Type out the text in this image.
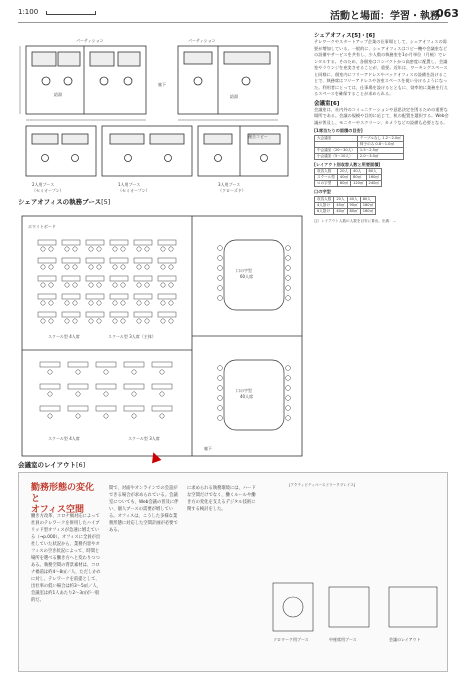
1:100	活動と場面：学習・執務
063
パーティション	パーティション
給湯	給湯
廊下
複合コピー
2人用ブース
（セミオープン）
1人用ブース
（セミオープン）
3人用ブース
（クローズド）
シェアオフィスの執務ブース[5]
口の字型
60人席
口の字型
40人席
スクール型 4人席	スクール型 3人席（主体）
スクール型 4人席	スクール型 3人席
ホワイトボード
廊下
会議室のレイアウト[6]
シェアオフィス[5]・[6]
テレワークやスタートアップ企業の仕事場として、シェアオフィスの需要が増加している。一般的に、シェアオフィスはコピー機や会議室などの設備やサービスを共有し、少人数の執務室を1か月単位（月極）でレンタルする。そのため、各個室はコンパクトかつ高密度に配置し、会議室やラウンジを充実させることが、重要。近年は、ワーキングスペースと同様に、個室内にフリーアドレスやバックオフィスの設備を設けることで、執務席はフリーアドレスや各室スペースを使い分けるようになった。利用者にとっては、仕事場を設けるとともに、効率的に業務を行えるスペースを確保することが求められる。
会議室[6]
会議室は、社内外のコミュニケーションや意思決定を図るための重要な場所である。会議の規模や目的に応じて、机の配置を選択する。Web会議が普及し、モニターやスクリーン、カメラなどの設備も必要となる。
[1席当たりの面積の目安]
大会議室	テーブルなし 1.2〜2.0㎡
	椅子のみ 0.8〜1.0㎡
中会議室（20〜30人）	1.5〜2.5㎡
小会議室（5〜10人）	2.0〜3.0㎡
[レイアウト別収容人数と所要面積]
収容人数	20人	40人	80人
スクール型	40㎡	80㎡	160㎡
ロの字型	60㎡	120㎡	240㎡
口の字型
収容人数	20人	40人	80人
4人掛け	45㎡	90㎡	180㎡
6人掛け	40㎡	80㎡	160㎡
注）レイアウト人数の人数を目安に算出。出典：…
勤務形態の変化と
オフィス空間
働き方改革、コロナ禍対応によって社員のテレワークを併用したハイブリッド型オフィスが急速に増えている（→p.000）。オフィスに全員が出社していた状況から、業務内容やオフィスの空き状況によって、時間と場所を選べる働き方へと変わりつつある。執務空間の背景素材は、コロナ禍前は約4〜8㎡／人、ただしかれに対し、テレワークを前提として、出社率の低い場合は約3〜5㎡／人、会議室は約1人あたり2〜3㎡が一般的だ。
間で、対面やオンラインでの会話ができる場合が求められている。会議室についても、Web会議の普及に伴い、個人ブースの需要が増している。オフィスは、こうした多様な業務形態に対応した空間計画が必要である。
に求められる執務環境には、ハードな空間だけでなく、働くルールや働き方の変化を支えるデジタル技術に関する検討をした。
[アクティビティベースドワークプレイス]
ソロワーク用ブース	中座席用ブース	会議のレイアウト
